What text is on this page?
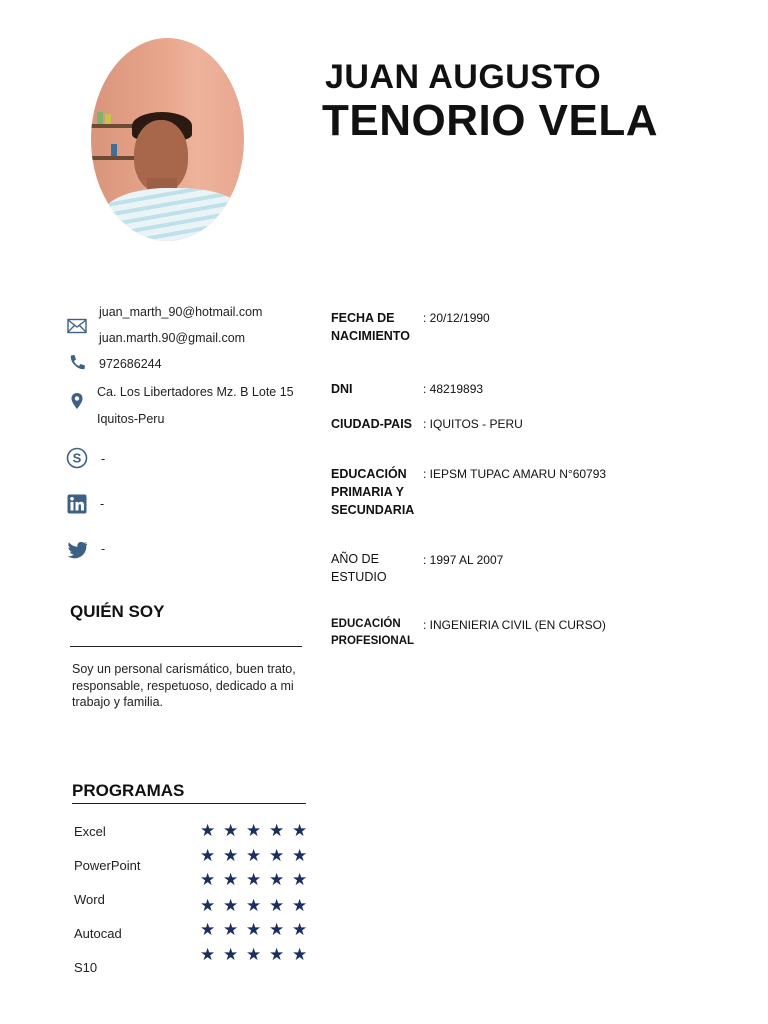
JUAN AUGUSTO
TENORIO VELA
juan_marth_90@hotmail.com
juan.marth.90@gmail.com
972686244
Ca. Los Libertadores Mz. B Lote 15
Iquitos-Peru
S -
-
-
QUIÉN SOY
Soy un personal carismático, buen trato, responsable, respetuoso, dedicado a mi trabajo y familia.
PROGRAMAS
Excel
PowerPoint
Word
Autocad
S10
★ ★ ★ ★ ★
★ ★ ★ ★ ★
★ ★ ★ ★ ★
★ ★ ★ ★ ★
★ ★ ★ ★ ★
★ ★ ★ ★ ★
FECHA DE
NACIMIENTO
: 20/12/1990
DNI	: 48219893
CIUDAD-PAIS : IQUITOS - PERU
EDUCACIÓN
PRIMARIA Y
SECUNDARIA
: IEPSM TUPAC AMARU N°60793
AÑO DE
ESTUDIO
: 1997 AL 2007
EDUCACIÓN
PROFESIONAL
: INGENIERIA CIVIL (EN CURSO)
